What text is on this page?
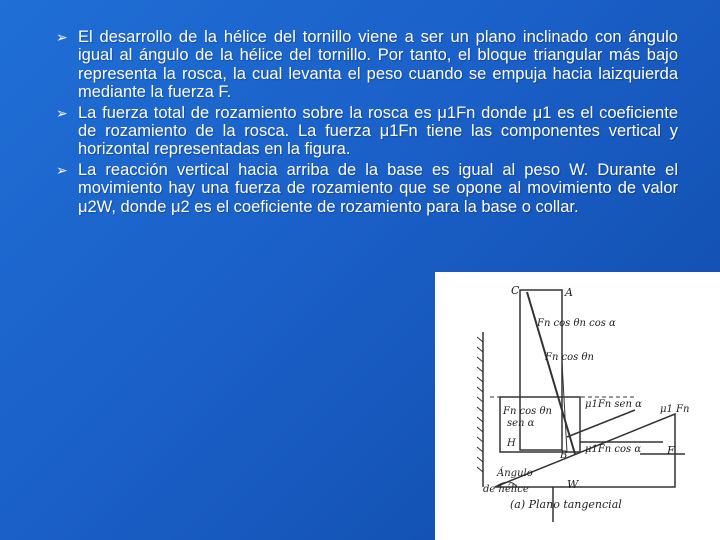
➢ El desarrollo de la hélice del tornillo viene a ser un plano inclinado con ángulo igual al ángulo de la hélice del tornillo. Por tanto, el bloque triangular más bajo representa la rosca, la cual levanta el peso cuando se empuja hacia laizquierda mediante la fuerza F.
➢ La fuerza total de rozamiento sobre la rosca es μ1Fn donde μ1 es el coeficiente de rozamiento de la rosca. La fuerza μ1Fn tiene las componentes vertical y horizontal representadas en la figura.
➢ La reacción vertical hacia arriba de la base es igual al peso W. Durante el movimiento hay una fuerza de rozamiento que se opone al movimiento de valor μ2W, donde μ2 es el coeficiente de rozamiento para la base o collar.
C	A
Fn cos θn cos α
Fn cos θn
μ1Fn sen α μ1 Fn
Fn cos θn
sen α
H
μ1Fn cos α F
B
W
Ángulo
de hélice
(a) Plano tangencial
